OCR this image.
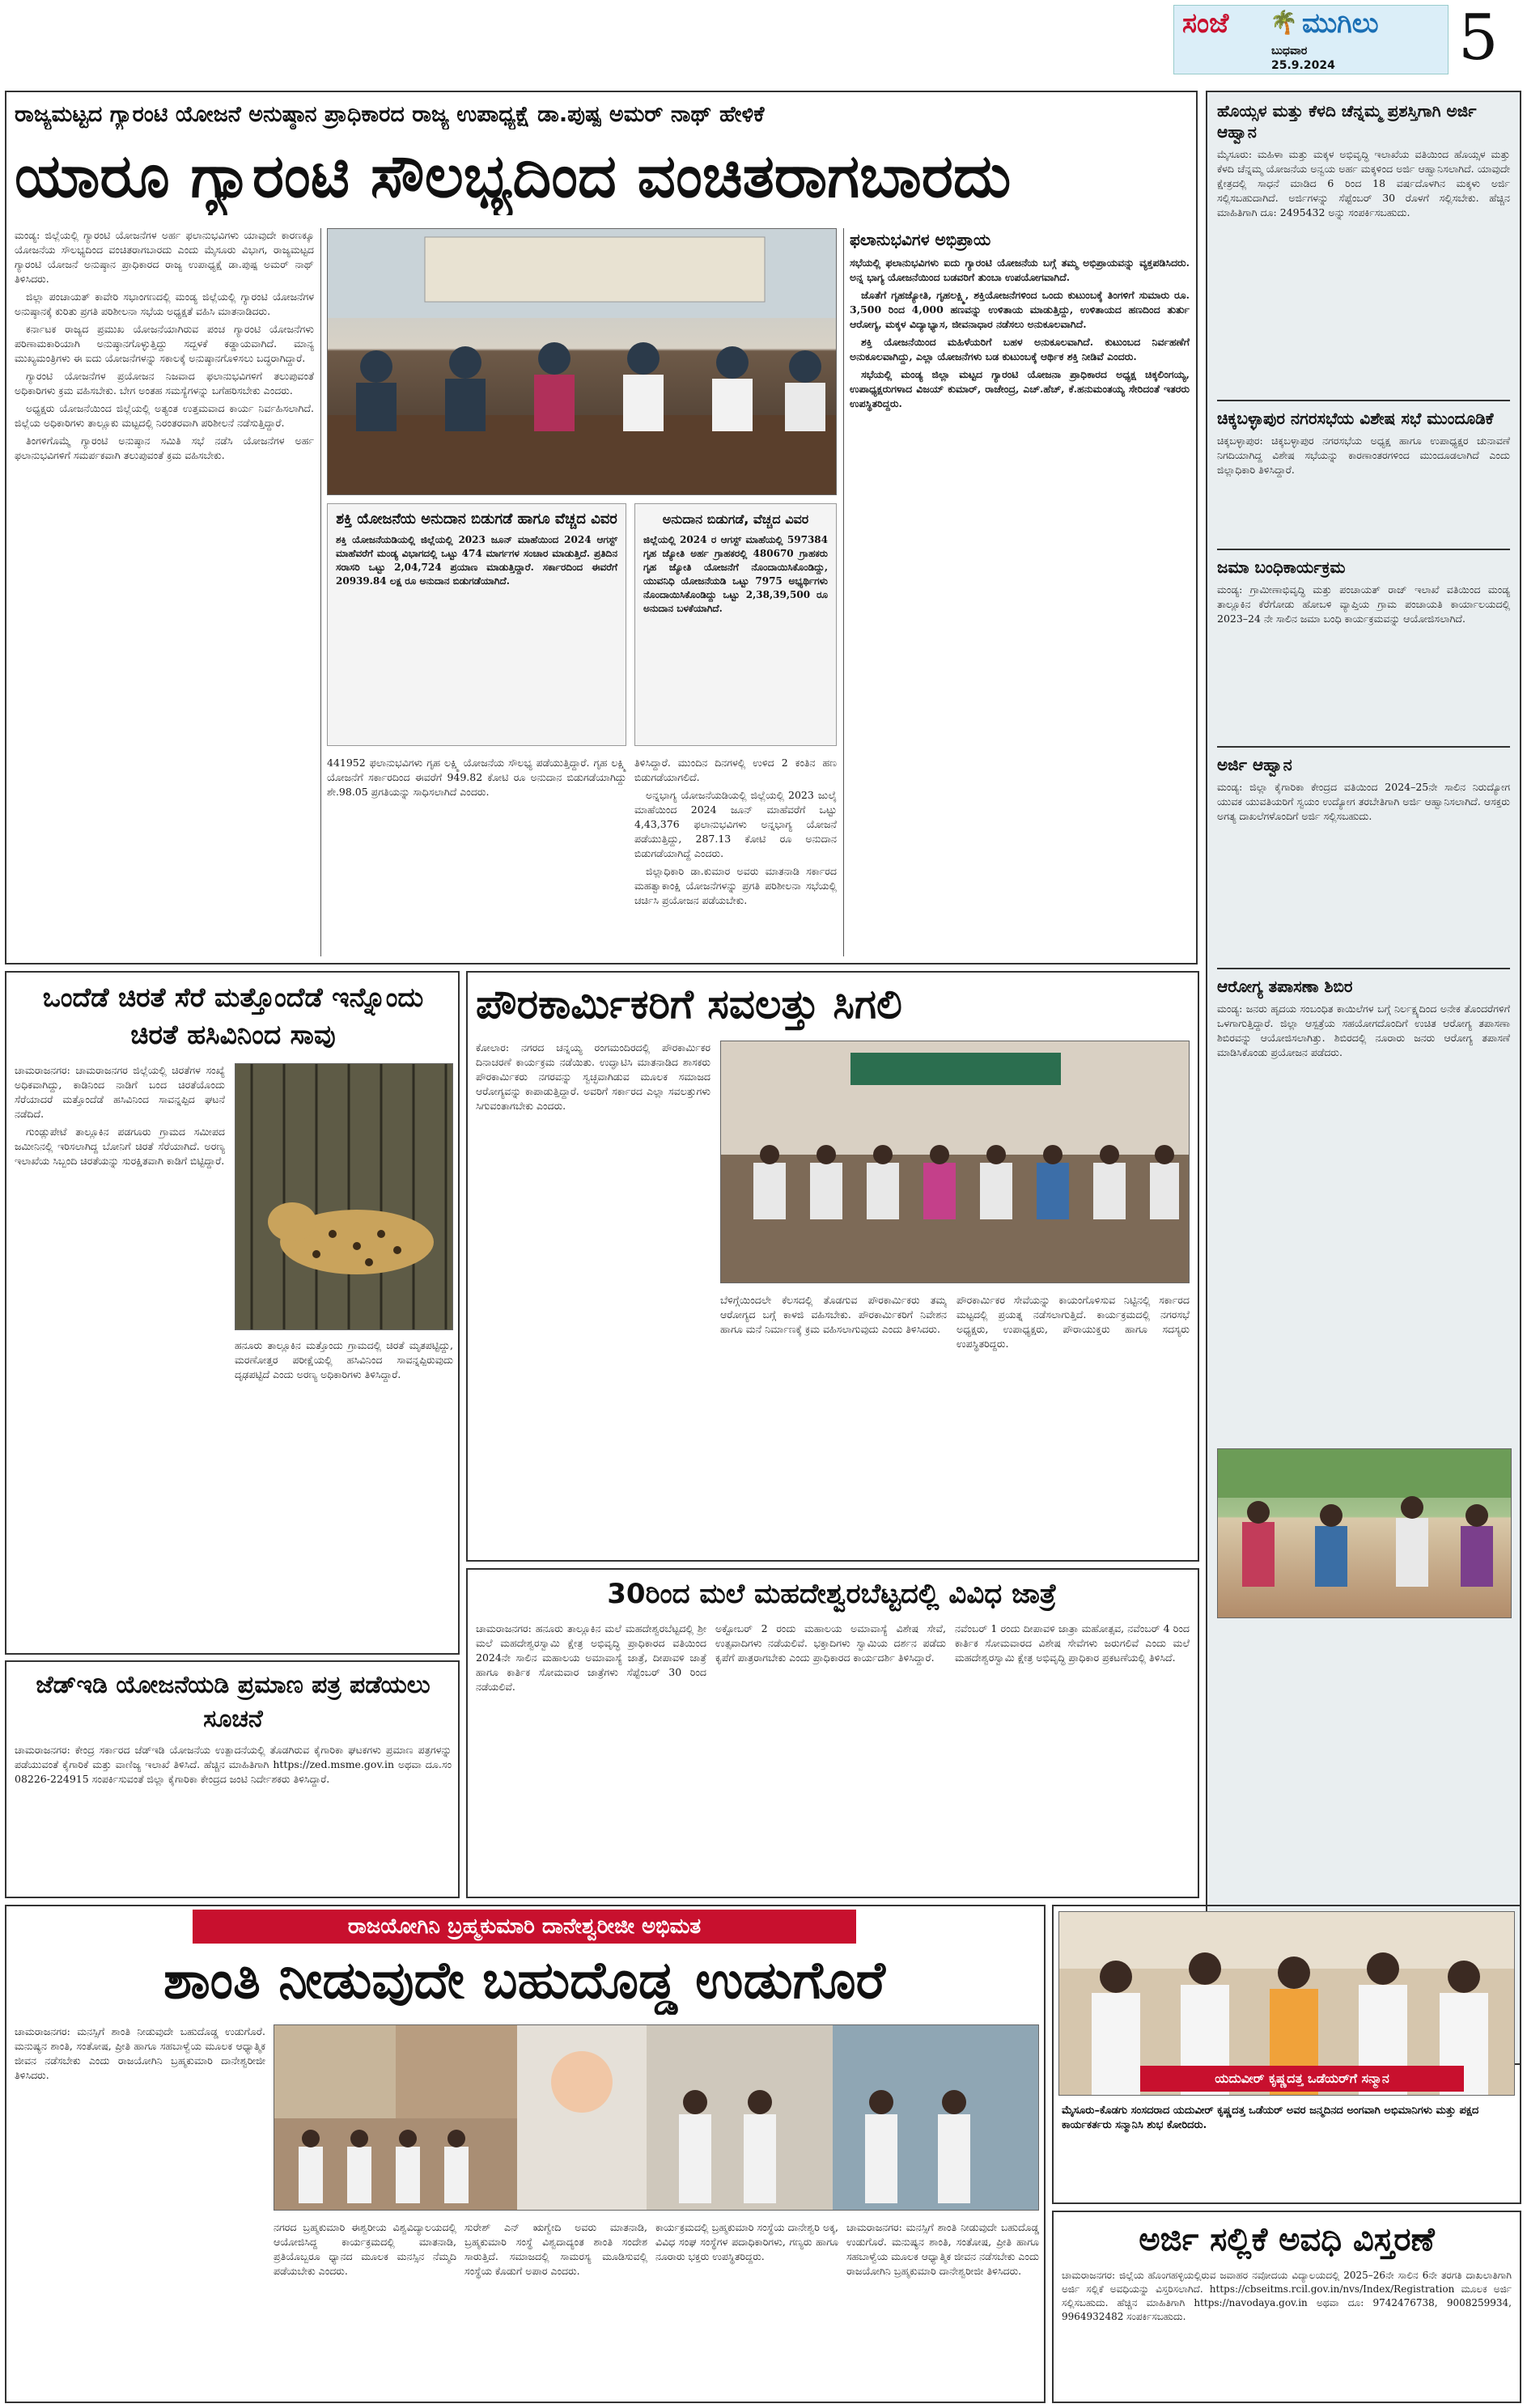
ಸಂಜೆ 🌴 ಮುಗಿಲು
ಬುಧವಾರ
25.9.2024 5
ರಾಜ್ಯಮಟ್ಟದ ಗ್ಯಾರಂಟಿ ಯೋಜನೆ ಅನುಷ್ಠಾನ ಪ್ರಾಧಿಕಾರದ ರಾಜ್ಯ ಉಪಾಧ್ಯಕ್ಷೆ ಡಾ.ಪುಷ್ಪ ಅಮರ್ ನಾಥ್ ಹೇಳಿಕೆ
ಯಾರೂ ಗ್ಯಾರಂಟಿ ಸೌಲಭ್ಯದಿಂದ ವಂಚಿತರಾಗಬಾರದು

ಮಂಡ್ಯ: ಜಿಲ್ಲೆಯಲ್ಲಿ ಗ್ಯಾರಂಟಿ ಯೋಜನೆಗಳ ಅರ್ಹ ಫಲಾನುಭವಿಗಳು ಯಾವುದೇ ಕಾರಣಕ್ಕೂ ಯೋಜನೆಯ ಸೌಲಭ್ಯದಿಂದ ವಂಚಿತರಾಗಬಾರದು ಎಂದು ಮೈಸೂರು ವಿಭಾಗ, ರಾಜ್ಯಮಟ್ಟದ ಗ್ಯಾರಂಟಿ ಯೋಜನೆ ಅನುಷ್ಠಾನ ಪ್ರಾಧಿಕಾರದ ರಾಜ್ಯ ಉಪಾಧ್ಯಕ್ಷೆ ಡಾ.ಪುಷ್ಪ ಅಮರ್ ನಾಥ್ ತಿಳಿಸಿದರು.

ಜಿಲ್ಲಾ ಪಂಚಾಯತ್ ಕಾವೇರಿ ಸಭಾಂಗಣದಲ್ಲಿ ಮಂಡ್ಯ ಜಿಲ್ಲೆಯಲ್ಲಿ ಗ್ಯಾರಂಟಿ ಯೋಜನೆಗಳ ಅನುಷ್ಠಾನಕ್ಕೆ ಕುರಿತು ಪ್ರಗತಿ ಪರಿಶೀಲನಾ ಸಭೆಯ ಅಧ್ಯಕ್ಷತೆ ವಹಿಸಿ ಮಾತನಾಡಿದರು.

ಕರ್ನಾಟಕ ರಾಜ್ಯದ ಪ್ರಮುಖ ಯೋಜನೆಯಾಗಿರುವ ಪಂಚ ಗ್ಯಾರಂಟಿ ಯೋಜನೆಗಳು ಪರಿಣಾಮಕಾರಿಯಾಗಿ ಅನುಷ್ಠಾನಗೊಳ್ಳುತ್ತಿದ್ದು ಸದ್ಬಳಕೆ ಕಡ್ಡಾಯವಾಗಿದೆ. ಮಾನ್ಯ ಮುಖ್ಯಮಂತ್ರಿಗಳು ಈ ಐದು ಯೋಜನೆಗಳನ್ನು ಸಕಾಲಕ್ಕೆ ಅನುಷ್ಠಾನಗೊಳಿಸಲು ಬದ್ಧರಾಗಿದ್ದಾರೆ.

ಗ್ಯಾರಂಟಿ ಯೋಜನೆಗಳ ಪ್ರಯೋಜನ ನಿಜವಾದ ಫಲಾನುಭವಿಗಳಿಗೆ ತಲುಪುವಂತೆ ಅಧಿಕಾರಿಗಳು ಕ್ರಮ ವಹಿಸಬೇಕು. ಬೇಗ ಅಂತಹ ಸಮಸ್ಯೆಗಳನ್ನು ಬಗೆಹರಿಸಬೇಕು ಎಂದರು.

ಅಧ್ಯಕ್ಷರು ಯೋಜನೆಯಿಂದ ಜಿಲ್ಲೆಯಲ್ಲಿ ಅತ್ಯಂತ ಉತ್ತಮವಾದ ಕಾರ್ಯ ನಿರ್ವಹಿಸಲಾಗಿದೆ. ಜಿಲ್ಲೆಯ ಅಧಿಕಾರಿಗಳು ತಾಲ್ಲೂಕು ಮಟ್ಟದಲ್ಲಿ ನಿರಂತರವಾಗಿ ಪರಿಶೀಲನೆ ನಡೆಸುತ್ತಿದ್ದಾರೆ.

ತಿಂಗಳಿಗೊಮ್ಮೆ ಗ್ಯಾರಂಟಿ ಅನುಷ್ಠಾನ ಸಮಿತಿ ಸಭೆ ನಡೆಸಿ ಯೋಜನೆಗಳ ಅರ್ಹ ಫಲಾನುಭವಿಗಳಿಗೆ ಸಮರ್ಪಕವಾಗಿ ತಲುಪುವಂತೆ ಕ್ರಮ ವಹಿಸಬೇಕು.

ಶಕ್ತಿ ಯೋಜನೆಯ ಅನುದಾನ ಬಿಡುಗಡೆ ಹಾಗೂ ವೆಚ್ಚದ ವಿವರ
ಶಕ್ತಿ ಯೋಜನೆಯಡಿಯಲ್ಲಿ ಜಿಲ್ಲೆಯಲ್ಲಿ 2023 ಜೂನ್ ಮಾಹೆಯಿಂದ 2024 ಆಗಸ್ಟ್ ಮಾಹೆವರೆಗೆ ಮಂಡ್ಯ ವಿಭಾಗದಲ್ಲಿ ಒಟ್ಟು 474 ಮಾರ್ಗಗಳ ಸಂಚಾರ ಮಾಡುತ್ತಿದೆ. ಪ್ರತಿದಿನ ಸರಾಸರಿ ಒಟ್ಟು 2,04,724 ಪ್ರಯಾಣ ಮಾಡುತ್ತಿದ್ದಾರೆ. ಸರ್ಕಾರದಿಂದ ಈವರೆಗೆ 20939.84 ಲಕ್ಷ ರೂ ಅನುದಾನ ಬಿಡುಗಡೆಯಾಗಿದೆ.
ಅನುದಾನ ಬಿಡುಗಡೆ, ವೆಚ್ಚದ ವಿವರ
ಜಿಲ್ಲೆಯಲ್ಲಿ 2024 ರ ಆಗಸ್ಟ್ ಮಾಹೆಯಲ್ಲಿ 597384 ಗೃಹ ಜ್ಯೋತಿ ಅರ್ಹ ಗ್ರಾಹಕರಲ್ಲಿ 480670 ಗ್ರಾಹಕರು ಗೃಹ ಜ್ಯೋತಿ ಯೋಜನೆಗೆ ನೊಂದಾಯಿಸಿಕೊಂಡಿದ್ದು, ಯುವನಿಧಿ ಯೋಜನೆಯಡಿ ಒಟ್ಟು 7975 ಅಭ್ಯರ್ಥಿಗಳು ನೊಂದಾಯಿಸಿಕೊಂಡಿದ್ದು ಒಟ್ಟು 2,38,39,500 ರೂ ಅನುದಾನ ಬಳಕೆಯಾಗಿದೆ.

441952 ಫಲಾನುಭವಿಗಳು ಗೃಹ ಲಕ್ಷ್ಮಿ ಯೋಜನೆಯ ಸೌಲಭ್ಯ ಪಡೆಯುತ್ತಿದ್ದಾರೆ. ಗೃಹ ಲಕ್ಷ್ಮಿ ಯೋಜನೆಗೆ ಸರ್ಕಾರದಿಂದ ಈವರೆಗೆ 949.82 ಕೋಟಿ ರೂ ಅನುದಾನ ಬಿಡುಗಡೆಯಾಗಿದ್ದು ಶೇ.98.05 ಪ್ರಗತಿಯನ್ನು ಸಾಧಿಸಲಾಗಿದೆ ಎಂದರು.

ತಿಳಿಸಿದ್ದಾರೆ. ಮುಂದಿನ ದಿನಗಳಲ್ಲಿ ಉಳಿದ 2 ಕಂತಿನ ಹಣ ಬಿಡುಗಡೆಯಾಗಲಿದೆ.

ಅನ್ನಭಾಗ್ಯ ಯೋಜನೆಯಡಿಯಲ್ಲಿ ಜಿಲ್ಲೆಯಲ್ಲಿ 2023 ಜುಲೈ ಮಾಹೆಯಿಂದ 2024 ಜೂನ್ ಮಾಹೆವರೆಗೆ ಒಟ್ಟು 4,43,376 ಫಲಾನುಭವಿಗಳು ಅನ್ನಭಾಗ್ಯ ಯೋಜನೆ ಪಡೆಯುತ್ತಿದ್ದು, 287.13 ಕೋಟಿ ರೂ ಅನುದಾನ ಬಿಡುಗಡೆಯಾಗಿದ್ದೆ ಎಂದರು.

ಜಿಲ್ಲಾಧಿಕಾರಿ ಡಾ.ಕುಮಾರ ಅವರು ಮಾತನಾಡಿ ಸರ್ಕಾರದ ಮಹತ್ವಾಕಾಂಕ್ಷಿ ಯೋಜನೆಗಳನ್ನು ಪ್ರಗತಿ ಪರಿಶೀಲನಾ ಸಭೆಯಲ್ಲಿ ಚರ್ಚಿಸಿ ಪ್ರಯೋಜನ ಪಡೆಯಬೇಕು.

ಫಲಾನುಭವಿಗಳ ಅಭಿಪ್ರಾಯ

ಸಭೆಯಲ್ಲಿ ಫಲಾನುಭವಿಗಳು ಐದು ಗ್ಯಾರಂಟಿ ಯೋಜನೆಯ ಬಗ್ಗೆ ತಮ್ಮ ಅಭಿಪ್ರಾಯವನ್ನು ವ್ಯಕ್ತಪಡಿಸಿದರು. ಅನ್ನ ಭಾಗ್ಯ ಯೋಜನೆಯಿಂದ ಬಡವರಿಗೆ ತುಂಬಾ ಉಪಯೋಗವಾಗಿದೆ.

ಜೊತೆಗೆ ಗೃಹಜ್ಯೋತಿ, ಗೃಹಲಕ್ಷ್ಮಿ, ಶಕ್ತಿಯೋಜನೆಗಳಿಂದ ಒಂದು ಕುಟುಂಬಕ್ಕೆ ತಿಂಗಳಿಗೆ ಸುಮಾರು ರೂ. 3,500 ರಿಂದ 4,000 ಹಣವನ್ನು ಉಳಿತಾಯ ಮಾಡುತ್ತಿದ್ದು, ಉಳಿತಾಯದ ಹಣದಿಂದ ತುರ್ತು ಆರೋಗ್ಯ, ಮಕ್ಕಳ ವಿದ್ಯಾಭ್ಯಾಸ, ಜೀವನಾಧಾರ ನಡೆಸಲು ಅನುಕೂಲವಾಗಿದೆ.

ಶಕ್ತಿ ಯೋಜನೆಯಿಂದ ಮಹಿಳೆಯರಿಗೆ ಬಹಳ ಅನುಕೂಲವಾಗಿದೆ. ಕುಟುಂಬದ ನಿರ್ವಹಣೆಗೆ ಅನುಕೂಲವಾಗಿದ್ದು, ಎಲ್ಲಾ ಯೋಜನೆಗಳು ಬಡ ಕುಟುಂಬಕ್ಕೆ ಆರ್ಥಿಕ ಶಕ್ತಿ ನೀಡಿವೆ ಎಂದರು.

ಸಭೆಯಲ್ಲಿ ಮಂಡ್ಯ ಜಿಲ್ಲಾ ಮಟ್ಟದ ಗ್ಯಾರಂಟಿ ಯೋಜನಾ ಪ್ರಾಧಿಕಾರದ ಅಧ್ಯಕ್ಷ ಚಿಕ್ಕಲಿಂಗಯ್ಯ, ಉಪಾಧ್ಯಕ್ಷರುಗಳಾದ ವಿಜಯ್ ಕುಮಾರ್, ರಾಜೇಂದ್ರ, ಎಚ್.ಹೆಚ್, ಕೆ.ಹನುಮಂತಯ್ಯ ಸೇರಿದಂತೆ ಇತರರು ಉಪಸ್ಥಿತರಿದ್ದರು.

ಹೊಯ್ಸಳ ಮತ್ತು ಕೆಳದಿ ಚೆನ್ನಮ್ಮ ಪ್ರಶಸ್ತಿಗಾಗಿ ಅರ್ಜಿ ಆಹ್ವಾನ
ಮೈಸೂರು: ಮಹಿಳಾ ಮತ್ತು ಮಕ್ಕಳ ಅಭಿವೃದ್ಧಿ ಇಲಾಖೆಯ ವತಿಯಿಂದ ಹೊಯ್ಸಳ ಮತ್ತು ಕೆಳದಿ ಚೆನ್ನಮ್ಮ ಯೋಜನೆಯ ಅನ್ವಯ ಅರ್ಹ ಮಕ್ಕಳಿಂದ ಅರ್ಜಿ ಆಹ್ವಾನಿಸಲಾಗಿದೆ. ಯಾವುದೇ ಕ್ಷೇತ್ರದಲ್ಲಿ ಸಾಧನೆ ಮಾಡಿದ 6 ರಿಂದ 18 ವರ್ಷದೊಳಗಿನ ಮಕ್ಕಳು ಅರ್ಜಿ ಸಲ್ಲಿಸಬಹುದಾಗಿದೆ. ಅರ್ಜಿಗಳನ್ನು ಸೆಪ್ಟೆಂಬರ್ 30 ರೊಳಗೆ ಸಲ್ಲಿಸಬೇಕು. ಹೆಚ್ಚಿನ ಮಾಹಿತಿಗಾಗಿ ದೂ: 2495432 ಅನ್ನು ಸಂಪರ್ಕಿಸಬಹುದು.
ಚಿಕ್ಕಬಳ್ಳಾಪುರ ನಗರಸಭೆಯ ವಿಶೇಷ ಸಭೆ ಮುಂದೂಡಿಕೆ
ಚಿಕ್ಕಬಳ್ಳಾಪುರ: ಚಿಕ್ಕಬಳ್ಳಾಪುರ ನಗರಸಭೆಯ ಅಧ್ಯಕ್ಷ ಹಾಗೂ ಉಪಾಧ್ಯಕ್ಷರ ಚುನಾವಣೆ ನಿಗದಿಯಾಗಿದ್ದ ವಿಶೇಷ ಸಭೆಯನ್ನು ಕಾರಣಾಂತರಗಳಿಂದ ಮುಂದೂಡಲಾಗಿದೆ ಎಂದು ಜಿಲ್ಲಾಧಿಕಾರಿ ತಿಳಿಸಿದ್ದಾರೆ.
ಜಮಾ ಬಂಧಿಕಾರ್ಯಕ್ರಮ
ಮಂಡ್ಯ: ಗ್ರಾಮೀಣಾಭಿವೃದ್ಧಿ ಮತ್ತು ಪಂಚಾಯತ್ ರಾಜ್ ಇಲಾಖೆ ವತಿಯಿಂದ ಮಂಡ್ಯ ತಾಲ್ಲೂಕಿನ ಕೆರೆಗೋಡು ಹೋಬಳಿ ವ್ಯಾಪ್ತಿಯ ಗ್ರಾಮ ಪಂಚಾಯತಿ ಕಾರ್ಯಾಲಯದಲ್ಲಿ 2023–24 ನೇ ಸಾಲಿನ ಜಮಾ ಬಂಧಿ ಕಾರ್ಯಕ್ರಮವನ್ನು ಆಯೋಜಿಸಲಾಗಿದೆ.
ಅರ್ಜಿ ಆಹ್ವಾನ
ಮಂಡ್ಯ: ಜಿಲ್ಲಾ ಕೈಗಾರಿಕಾ ಕೇಂದ್ರದ ವತಿಯಿಂದ 2024–25ನೇ ಸಾಲಿನ ನಿರುದ್ಯೋಗ ಯುವಕ ಯುವತಿಯರಿಗೆ ಸ್ವಯಂ ಉದ್ಯೋಗ ತರಬೇತಿಗಾಗಿ ಅರ್ಜಿ ಆಹ್ವಾನಿಸಲಾಗಿದೆ. ಆಸಕ್ತರು ಅಗತ್ಯ ದಾಖಲೆಗಳೊಂದಿಗೆ ಅರ್ಜಿ ಸಲ್ಲಿಸಬಹುದು.
ಆರೋಗ್ಯ ತಪಾಸಣಾ ಶಿಬಿರ
ಮಂಡ್ಯ: ಜನರು ಹೃದಯ ಸಂಬಂಧಿತ ಕಾಯಿಲೆಗಳ ಬಗ್ಗೆ ನಿರ್ಲಕ್ಷ್ಯದಿಂದ ಅನೇಕ ತೊಂದರೆಗಳಿಗೆ ಒಳಗಾಗುತ್ತಿದ್ದಾರೆ. ಜಿಲ್ಲಾ ಆಸ್ಪತ್ರೆಯ ಸಹಯೋಗದೊಂದಿಗೆ ಉಚಿತ ಆರೋಗ್ಯ ತಪಾಸಣಾ ಶಿಬಿರವನ್ನು ಆಯೋಜಿಸಲಾಗಿತ್ತು. ಶಿಬಿರದಲ್ಲಿ ನೂರಾರು ಜನರು ಆರೋಗ್ಯ ತಪಾಸಣೆ ಮಾಡಿಸಿಕೊಂಡು ಪ್ರಯೋಜನ ಪಡೆದರು.
ಒಂದೆಡೆ ಚಿರತೆ ಸೆರೆ ಮತ್ತೊಂದೆಡೆ ಇನ್ನೊಂದು ಚಿರತೆ ಹಸಿವಿನಿಂದ ಸಾವು

ಚಾಮರಾಜನಗರ: ಚಾಮರಾಜನಗರ ಜಿಲ್ಲೆಯಲ್ಲಿ ಚಿರತೆಗಳ ಸಂಖ್ಯೆ ಅಧಿಕವಾಗಿದ್ದು, ಕಾಡಿನಿಂದ ನಾಡಿಗೆ ಬಂದ ಚಿರತೆಯೊಂದು ಸೆರೆಯಾದರೆ ಮತ್ತೊಂದೆಡೆ ಹಸಿವಿನಿಂದ ಸಾವನ್ನಪ್ಪಿದ ಘಟನೆ ನಡೆದಿದೆ.

ಗುಂಡ್ಲುಪೇಟೆ ತಾಲ್ಲೂಕಿನ ಪಡಗೂರು ಗ್ರಾಮದ ಸಮೀಪದ ಜಮೀನಿನಲ್ಲಿ ಇರಿಸಲಾಗಿದ್ದ ಬೋನಿಗೆ ಚಿರತೆ ಸೆರೆಯಾಗಿದೆ. ಅರಣ್ಯ ಇಲಾಖೆಯ ಸಿಬ್ಬಂದಿ ಚಿರತೆಯನ್ನು ಸುರಕ್ಷಿತವಾಗಿ ಕಾಡಿಗೆ ಬಿಟ್ಟಿದ್ದಾರೆ.

ಹನೂರು ತಾಲ್ಲೂಕಿನ ಮತ್ತೊಂದು ಗ್ರಾಮದಲ್ಲಿ ಚಿರತೆ ಮೃತಪಟ್ಟಿದ್ದು, ಮರಣೋತ್ತರ ಪರೀಕ್ಷೆಯಲ್ಲಿ ಹಸಿವಿನಿಂದ ಸಾವನ್ನಪ್ಪಿರುವುದು ದೃಢಪಟ್ಟಿದೆ ಎಂದು ಅರಣ್ಯ ಅಧಿಕಾರಿಗಳು ತಿಳಿಸಿದ್ದಾರೆ.

ಪೌರಕಾರ್ಮಿಕರಿಗೆ ಸವಲತ್ತು ಸಿಗಲಿ
ಕೋಲಾರ: ನಗರದ ಚನ್ನಯ್ಯ ರಂಗಮಂದಿರದಲ್ಲಿ ಪೌರಕಾರ್ಮಿಕರ ದಿನಾಚರಣೆ ಕಾರ್ಯಕ್ರಮ ನಡೆಯಿತು. ಉದ್ಘಾಟಿಸಿ ಮಾತನಾಡಿದ ಶಾಸಕರು ಪೌರಕಾರ್ಮಿಕರು ನಗರವನ್ನು ಸ್ವಚ್ಛವಾಗಿಡುವ ಮೂಲಕ ಸಮಾಜದ ಆರೋಗ್ಯವನ್ನು ಕಾಪಾಡುತ್ತಿದ್ದಾರೆ. ಅವರಿಗೆ ಸರ್ಕಾರದ ಎಲ್ಲಾ ಸವಲತ್ತುಗಳು ಸಿಗುವಂತಾಗಬೇಕು ಎಂದರು.
ಬೆಳಿಗ್ಗೆಯಿಂದಲೇ ಕೆಲಸದಲ್ಲಿ ತೊಡಗುವ ಪೌರಕಾರ್ಮಿಕರು ತಮ್ಮ ಆರೋಗ್ಯದ ಬಗ್ಗೆ ಕಾಳಜಿ ವಹಿಸಬೇಕು. ಪೌರಕಾರ್ಮಿಕರಿಗೆ ನಿವೇಶನ ಹಾಗೂ ಮನೆ ನಿರ್ಮಾಣಕ್ಕೆ ಕ್ರಮ ವಹಿಸಲಾಗುವುದು ಎಂದು ತಿಳಿಸಿದರು.
ಪೌರಕಾರ್ಮಿಕರ ಸೇವೆಯನ್ನು ಕಾಯಂಗೊಳಿಸುವ ನಿಟ್ಟಿನಲ್ಲಿ ಸರ್ಕಾರದ ಮಟ್ಟದಲ್ಲಿ ಪ್ರಯತ್ನ ನಡೆಸಲಾಗುತ್ತಿದೆ. ಕಾರ್ಯಕ್ರಮದಲ್ಲಿ ನಗರಸಭೆ ಅಧ್ಯಕ್ಷರು, ಉಪಾಧ್ಯಕ್ಷರು, ಪೌರಾಯುಕ್ತರು ಹಾಗೂ ಸದಸ್ಯರು ಉಪಸ್ಥಿತರಿದ್ದರು.
30ರಿಂದ ಮಲೆ ಮಹದೇಶ್ವರಬೆಟ್ಟದಲ್ಲಿ ವಿವಿಧ ಜಾತ್ರೆ
ಚಾಮರಾಜನಗರ: ಹನೂರು ತಾಲ್ಲೂಕಿನ ಮಲೆ ಮಹದೇಶ್ವರಬೆಟ್ಟದಲ್ಲಿ ಶ್ರೀ ಮಲೆ ಮಹದೇಶ್ವರಸ್ವಾಮಿ ಕ್ಷೇತ್ರ ಅಭಿವೃದ್ಧಿ ಪ್ರಾಧಿಕಾರದ ವತಿಯಿಂದ 2024ನೇ ಸಾಲಿನ ಮಹಾಲಯ ಅಮಾವಾಸ್ಯೆ ಜಾತ್ರೆ, ದೀಪಾವಳಿ ಜಾತ್ರೆ ಹಾಗೂ ಕಾರ್ತಿಕ ಸೋಮವಾರ ಜಾತ್ರೆಗಳು ಸೆಪ್ಟೆಂಬರ್ 30 ರಿಂದ ನಡೆಯಲಿವೆ.
ಅಕ್ಟೋಬರ್ 2 ರಂದು ಮಹಾಲಯ ಅಮಾವಾಸ್ಯೆ ವಿಶೇಷ ಸೇವೆ, ಉತ್ಸವಾದಿಗಳು ನಡೆಯಲಿವೆ. ಭಕ್ತಾದಿಗಳು ಸ್ವಾಮಿಯ ದರ್ಶನ ಪಡೆದು ಕೃಪೆಗೆ ಪಾತ್ರರಾಗಬೇಕು ಎಂದು ಪ್ರಾಧಿಕಾರದ ಕಾರ್ಯದರ್ಶಿ ತಿಳಿಸಿದ್ದಾರೆ.
ನವೆಂಬರ್ 1 ರಂದು ದೀಪಾವಳಿ ಜಾತ್ರಾ ಮಹೋತ್ಸವ, ನವೆಂಬರ್ 4 ರಿಂದ ಕಾರ್ತಿಕ ಸೋಮವಾರದ ವಿಶೇಷ ಸೇವೆಗಳು ಜರುಗಲಿವೆ ಎಂದು ಮಲೆ ಮಹದೇಶ್ವರಸ್ವಾಮಿ ಕ್ಷೇತ್ರ ಅಭಿವೃದ್ಧಿ ಪ್ರಾಧಿಕಾರ ಪ್ರಕಟಣೆಯಲ್ಲಿ ತಿಳಿಸಿದೆ.
ಜೆಡ್ಇಡಿ ಯೋಜನೆಯಡಿ ಪ್ರಮಾಣ ಪತ್ರ ಪಡೆಯಲು ಸೂಚನೆ
ಚಾಮರಾಜನಗರ: ಕೇಂದ್ರ ಸರ್ಕಾರದ ಜೆಡ್ಇಡಿ ಯೋಜನೆಯ ಉತ್ಪಾದನೆಯಲ್ಲಿ ತೊಡಗಿರುವ ಕೈಗಾರಿಕಾ ಘಟಕಗಳು ಪ್ರಮಾಣ ಪತ್ರಗಳನ್ನು ಪಡೆಯುವಂತೆ ಕೈಗಾರಿಕೆ ಮತ್ತು ವಾಣಿಜ್ಯ ಇಲಾಖೆ ತಿಳಿಸಿದೆ. ಹೆಚ್ಚಿನ ಮಾಹಿತಿಗಾಗಿ https://zed.msme.gov.in ಅಥವಾ ದೂ.ಸಂ 08226-224915 ಸಂಪರ್ಕಿಸುವಂತೆ ಜಿಲ್ಲಾ ಕೈಗಾರಿಕಾ ಕೇಂದ್ರದ ಜಂಟಿ ನಿರ್ದೇಶಕರು ತಿಳಿಸಿದ್ದಾರೆ.
ರಾಜಯೋಗಿನಿ ಬ್ರಹ್ಮಕುಮಾರಿ ದಾನೇಶ್ವರೀಜೀ ಅಭಿಮತ
ಶಾಂತಿ ನೀಡುವುದೇ ಬಹುದೊಡ್ಡ ಉಡುಗೊರೆ
ಚಾಮರಾಜನಗರ: ಮನಸ್ಸಿಗೆ ಶಾಂತಿ ನೀಡುವುದೇ ಬಹುದೊಡ್ಡ ಉಡುಗೊರೆ. ಮನುಷ್ಯನ ಶಾಂತಿ, ಸಂತೋಷ, ಪ್ರೀತಿ ಹಾಗೂ ಸಹಬಾಳ್ವೆಯ ಮೂಲಕ ಆಧ್ಯಾತ್ಮಿಕ ಜೀವನ ನಡೆಸಬೇಕು ಎಂದು ರಾಜಯೋಗಿನಿ ಬ್ರಹ್ಮಕುಮಾರಿ ದಾನೇಶ್ವರೀಜೀ ತಿಳಿಸಿದರು.
ನಗರದ ಬ್ರಹ್ಮಕುಮಾರಿ ಈಶ್ವರೀಯ ವಿಶ್ವವಿದ್ಯಾಲಯದಲ್ಲಿ ಆಯೋಜಿಸಿದ್ದ ಕಾರ್ಯಕ್ರಮದಲ್ಲಿ ಮಾತನಾಡಿ, ಪ್ರತಿಯೊಬ್ಬರೂ ಧ್ಯಾನದ ಮೂಲಕ ಮನಸ್ಸಿನ ನೆಮ್ಮದಿ ಪಡೆಯಬೇಕು ಎಂದರು.
ಸುರೇಶ್ ಎನ್ ಋಗ್ವೇದಿ ಅವರು ಮಾತನಾಡಿ, ಬ್ರಹ್ಮಕುಮಾರಿ ಸಂಸ್ಥೆ ವಿಶ್ವದಾದ್ಯಂತ ಶಾಂತಿ ಸಂದೇಶ ಸಾರುತ್ತಿದೆ. ಸಮಾಜದಲ್ಲಿ ಸಾಮರಸ್ಯ ಮೂಡಿಸುವಲ್ಲಿ ಸಂಸ್ಥೆಯ ಕೊಡುಗೆ ಅಪಾರ ಎಂದರು.
ಕಾರ್ಯಕ್ರಮದಲ್ಲಿ ಬ್ರಹ್ಮಕುಮಾರಿ ಸಂಸ್ಥೆಯ ದಾನೇಶ್ವರಿ ಅಕ್ಕ, ವಿವಿಧ ಸಂಘ ಸಂಸ್ಥೆಗಳ ಪದಾಧಿಕಾರಿಗಳು, ಗಣ್ಯರು ಹಾಗೂ ನೂರಾರು ಭಕ್ತರು ಉಪಸ್ಥಿತರಿದ್ದರು.
ಚಾಮರಾಜನಗರ: ಮನಸ್ಸಿಗೆ ಶಾಂತಿ ನೀಡುವುದೇ ಬಹುದೊಡ್ಡ ಉಡುಗೊರೆ. ಮನುಷ್ಯನ ಶಾಂತಿ, ಸಂತೋಷ, ಪ್ರೀತಿ ಹಾಗೂ ಸಹಬಾಳ್ವೆಯ ಮೂಲಕ ಆಧ್ಯಾತ್ಮಿಕ ಜೀವನ ನಡೆಸಬೇಕು ಎಂದು ರಾಜಯೋಗಿನಿ ಬ್ರಹ್ಮಕುಮಾರಿ ದಾನೇಶ್ವರೀಜೀ ತಿಳಿಸಿದರು.
ಯದುವೀರ್ ಕೃಷ್ಣದತ್ತ ಒಡೆಯರ್‌ಗೆ ಸನ್ಮಾನ
ಮೈಸೂರು–ಕೊಡಗು ಸಂಸದರಾದ ಯದುವೀರ್ ಕೃಷ್ಣದತ್ತ ಒಡೆಯರ್ ಅವರ ಜನ್ಮದಿನದ ಅಂಗವಾಗಿ ಅಭಿಮಾನಿಗಳು ಮತ್ತು ಪಕ್ಷದ ಕಾರ್ಯಕರ್ತರು ಸನ್ಮಾನಿಸಿ ಶುಭ ಕೋರಿದರು.
ಅರ್ಜಿ ಸಲ್ಲಿಕೆ ಅವಧಿ ವಿಸ್ತರಣೆ
ಚಾಮರಾಜನಗರ: ಜಿಲ್ಲೆಯ ಹೊಂಗಹಳ್ಳಿಯಲ್ಲಿರುವ ಜವಾಹರ ನವೋದಯ ವಿದ್ಯಾಲಯದಲ್ಲಿ 2025–26ನೇ ಸಾಲಿನ 6ನೇ ತರಗತಿ ದಾಖಲಾತಿಗಾಗಿ ಅರ್ಜಿ ಸಲ್ಲಿಕೆ ಅವಧಿಯನ್ನು ವಿಸ್ತರಿಸಲಾಗಿದೆ. https://cbseitms.rcil.gov.in/nvs/Index/Registration ಮೂಲಕ ಅರ್ಜಿ ಸಲ್ಲಿಸಬಹುದು. ಹೆಚ್ಚಿನ ಮಾಹಿತಿಗಾಗಿ https://navodaya.gov.in ಅಥವಾ ದೂ: 9742476738, 9008259934, 9964932482 ಸಂಪರ್ಕಿಸಬಹುದು.
